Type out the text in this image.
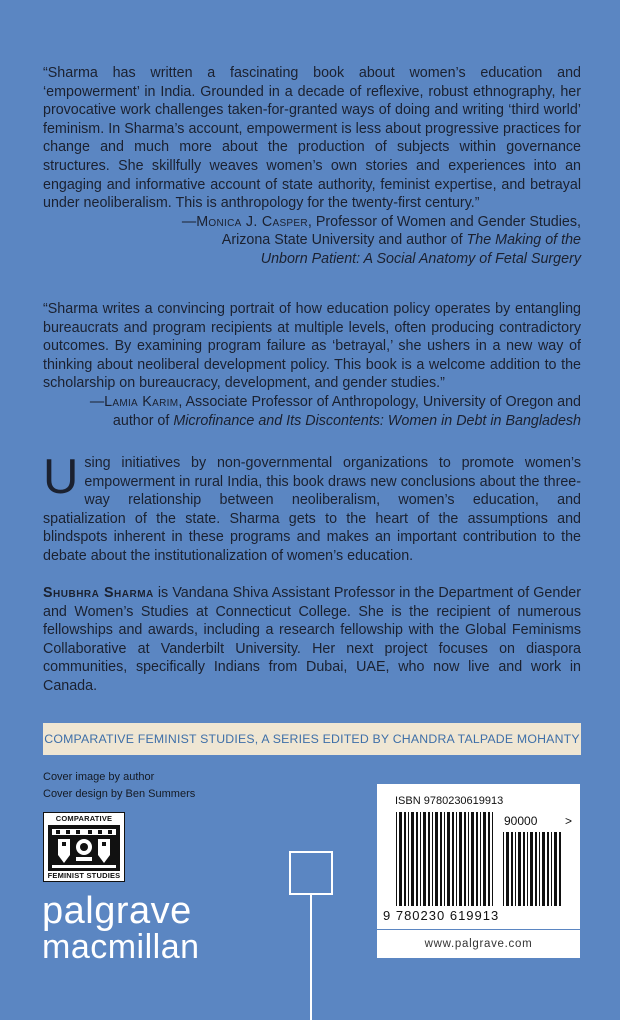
“Sharma has written a fascinating book about women’s education and ‘empowerment’ in India. Grounded in a decade of reflexive, robust ethnography, her provocative work challenges taken-for-granted ways of doing and writing ‘third world’ feminism. In Sharma’s account, empowerment is less about progressive practices for change and much more about the production of subjects within governance structures. She skillfully weaves women’s own stories and experiences into an engaging and informative account of state authority, feminist expertise, and betrayal under neoliberalism. This is anthropology for the twenty-first century.”

—Monica J. Casper, Professor of Women and Gender Studies,

Arizona State University and author of The Making of the

Unborn Patient: A Social Anatomy of Fetal Surgery

“Sharma writes a convincing portrait of how education policy operates by entangling bureaucrats and program recipients at multiple levels, often producing contradictory outcomes. By examining program failure as ‘betrayal,’ she ushers in a new way of thinking about neoliberal development policy. This book is a welcome addition to the scholarship on bureaucracy, development, and gender studies.”

—Lamia Karim, Associate Professor of Anthropology, University of Oregon and

author of Microfinance and Its Discontents: Women in Debt in Bangladesh

Using initiatives by non-governmental organizations to promote women’s empowerment in rural India, this book draws new conclusions about the three-way relationship between neoliberalism, women’s education, and spatialization of the state. Sharma gets to the heart of the assumptions and blindspots inherent in these programs and makes an important contribution to the debate about the institutionalization of women’s education.
Shubhra Sharma is Vandana Shiva Assistant Professor in the Department of Gender and Women’s Studies at Connecticut College. She is the recipient of numerous fellowships and awards, including a research fellowship with the Global Feminisms Collaborative at Vanderbilt University. Her next project focuses on diaspora communities, specifically Indians from Dubai, UAE, who now live and work in Canada.
COMPARATIVE FEMINIST STUDIES, A SERIES EDITED BY CHANDRA TALPADE MOHANTY
Cover image by author
Cover design by Ben Summers
COMPARATIVE
FEMINIST STUDIES
palgrave
macmillan
ISBN 9780230619913
90000 >
9 780230 619913
www.palgrave.com
